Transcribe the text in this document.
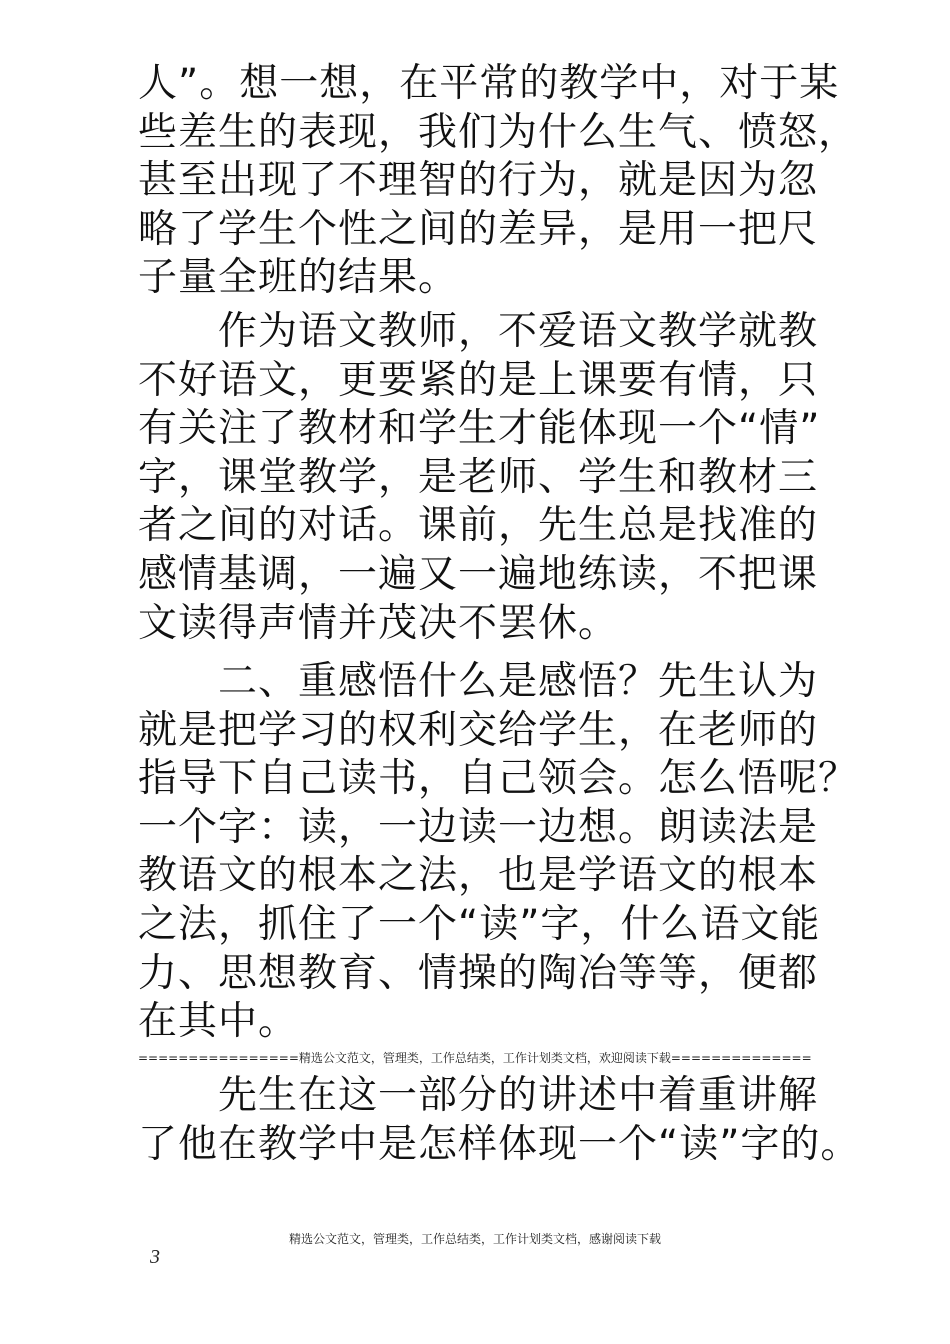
人”。想一想，在平常的教学中，对于某
些差生的表现，我们为什么生气、愤怒，
甚至出现了不理智的行为，就是因为忽
略了学生个性之间的差异，是用一把尺
子量全班的结果。
作为语文教师，不爱语文教学就教
不好语文，更要紧的是上课要有情，只
有关注了教材和学生才能体现一个“情”
字，课堂教学，是老师、学生和教材三
者之间的对话。课前，先生总是找准的
感情基调，一遍又一遍地练读，不把课
文读得声情并茂决不罢休。
二、重感悟什么是感悟？先生认为
就是把学习的权利交给学生，在老师的
指导下自己读书，自己领会。怎么悟呢？
一个字：读，一边读一边想。朗读法是
教语文的根本之法，也是学语文的根本
之法，抓住了一个“读”字，什么语文能
力、思想教育、情操的陶冶等等，便都
在其中。
================精选公文范文，管理类，工作总结类，工作计划类文档，欢迎阅读下载==============
先生在这一部分的讲述中着重讲解
了他在教学中是怎样体现一个“读”字的。
精选公文范文，管理类，工作总结类，工作计划类文档，感谢阅读下载
3
